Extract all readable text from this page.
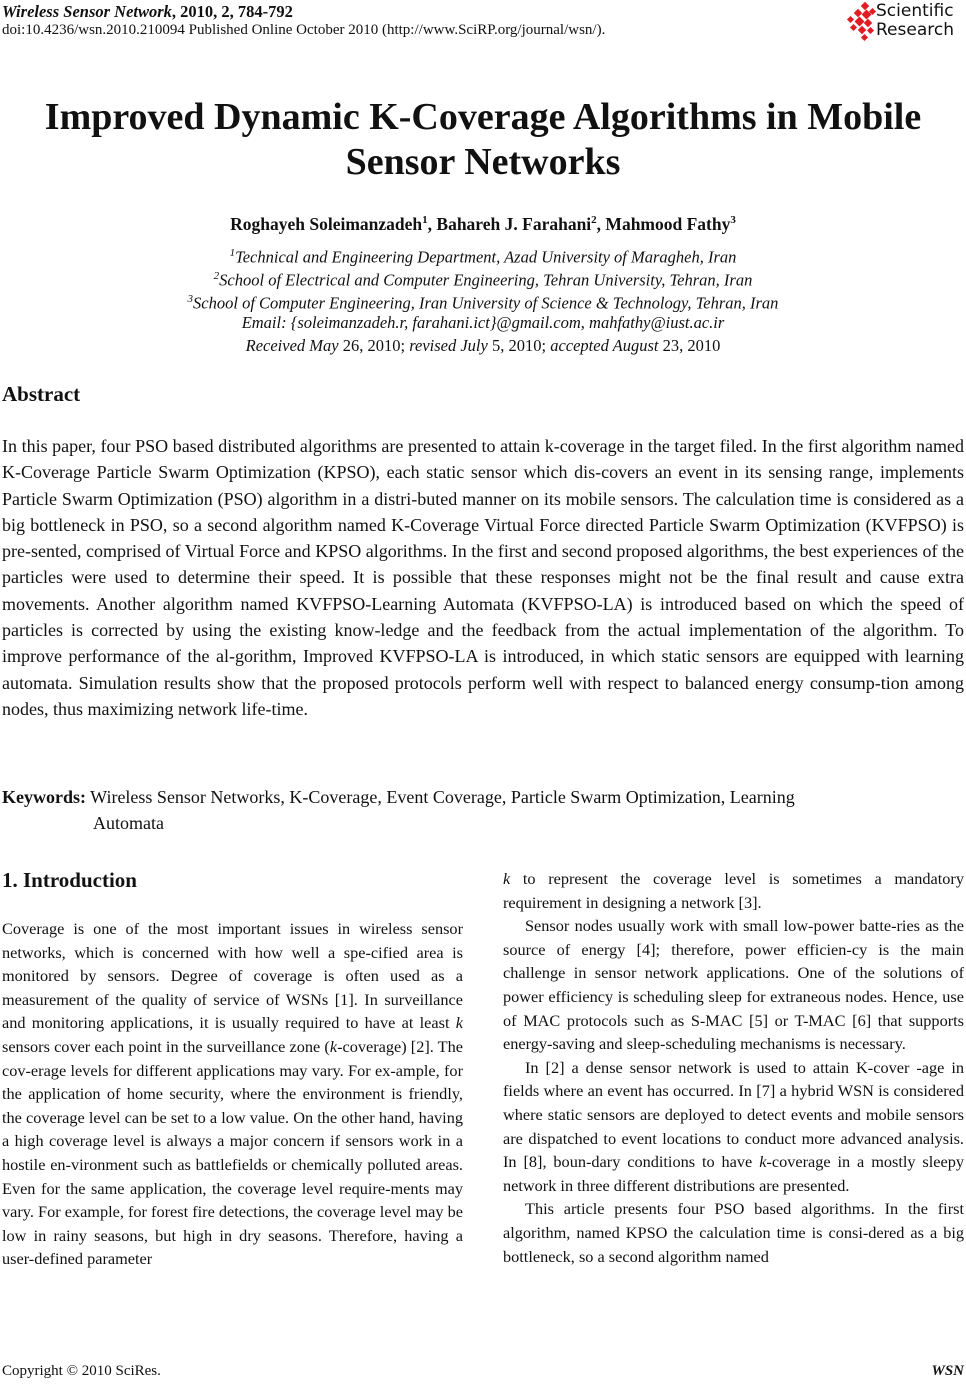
Wireless Sensor Network, 2010, 2, 784-792
doi:10.4236/wsn.2010.210094 Published Online October 2010 (http://www.SciRP.org/journal/wsn/).
Scientific
Research
Improved Dynamic K-Coverage Algorithms in Mobile
Sensor Networks
Roghayeh Soleimanzadeh$^1$, Bahareh J. Farahani$^2$, Mahmood Fathy$^3$
$^1$Technical and Engineering Department, Azad University of Maragheh, Iran
$^2$School of Electrical and Computer Engineering, Tehran University, Tehran, Iran
$^3$School of Computer Engineering, Iran University of Science & Technology, Tehran, Iran
Email: {soleimanzadeh.r, farahani.ict}@gmail.com, mahfathy@iust.ac.ir
Received May 26, 2010; revised July 5, 2010; accepted August 23, 2010
Abstract
In this paper, four PSO based distributed algorithms are presented to attain k-coverage in the target filed. In the first algorithm named K-Coverage Particle Swarm Optimization (KPSO), each static sensor which dis-covers an event in its sensing range, implements Particle Swarm Optimization (PSO) algorithm in a distri-buted manner on its mobile sensors. The calculation time is considered as a big bottleneck in PSO, so a second algorithm named K-Coverage Virtual Force directed Particle Swarm Optimization (KVFPSO) is pre-sented, comprised of Virtual Force and KPSO algorithms. In the first and second proposed algorithms, the best experiences of the particles were used to determine their speed. It is possible that these responses might not be the final result and cause extra movements. Another algorithm named KVFPSO-Learning Automata (KVFPSO-LA) is introduced based on which the speed of particles is corrected by using the existing know-ledge and the feedback from the actual implementation of the algorithm. To improve performance of the al-gorithm, Improved KVFPSO-LA is introduced, in which static sensors are equipped with learning automata. Simulation results show that the proposed protocols perform well with respect to balanced energy consump-tion among nodes, thus maximizing network life-time.
Keywords: Wireless Sensor Networks, K-Coverage, Event Coverage, Particle Swarm Optimization, Learning
Automata
1. Introduction

Coverage is one of the most important issues in wireless sensor networks, which is concerned with how well a spe-cified area is monitored by sensors. Degree of coverage is often used as a measurement of the quality of service of WSNs [1]. In surveillance and monitoring applications, it is usually required to have at least k sensors cover each point in the surveillance zone (k-coverage) [2]. The cov-erage levels for different applications may vary. For ex-ample, for the application of home security, where the environment is friendly, the coverage level can be set to a low value. On the other hand, having a high coverage level is always a major concern if sensors work in a hostile en-vironment such as battlefields or chemically polluted areas. Even for the same application, the coverage level require-ments may vary. For example, for forest fire detections, the coverage level may be low in rainy seasons, but high in dry seasons. Therefore, having a user-defined parameter

k to represent the coverage level is sometimes a mandatory requirement in designing a network [3].

Sensor nodes usually work with small low-power batte-ries as the source of energy [4]; therefore, power efficien-cy is the main challenge in sensor network applications. One of the solutions of power efficiency is scheduling sleep for extraneous nodes. Hence, use of MAC protocols such as S-MAC [5] or T-MAC [6] that supports energy-saving and sleep-scheduling mechanisms is necessary.

In [2] a dense sensor network is used to attain K-cover -age in fields where an event has occurred. In [7] a hybrid WSN is considered where static sensors are deployed to detect events and mobile sensors are dispatched to event locations to conduct more advanced analysis. In [8], boun-dary conditions to have k-coverage in a mostly sleepy network in three different distributions are presented.

This article presents four PSO based algorithms. In the first algorithm, named KPSO the calculation time is consi-dered as a big bottleneck, so a second algorithm named

Copyright © 2010 SciRes.	WSN
